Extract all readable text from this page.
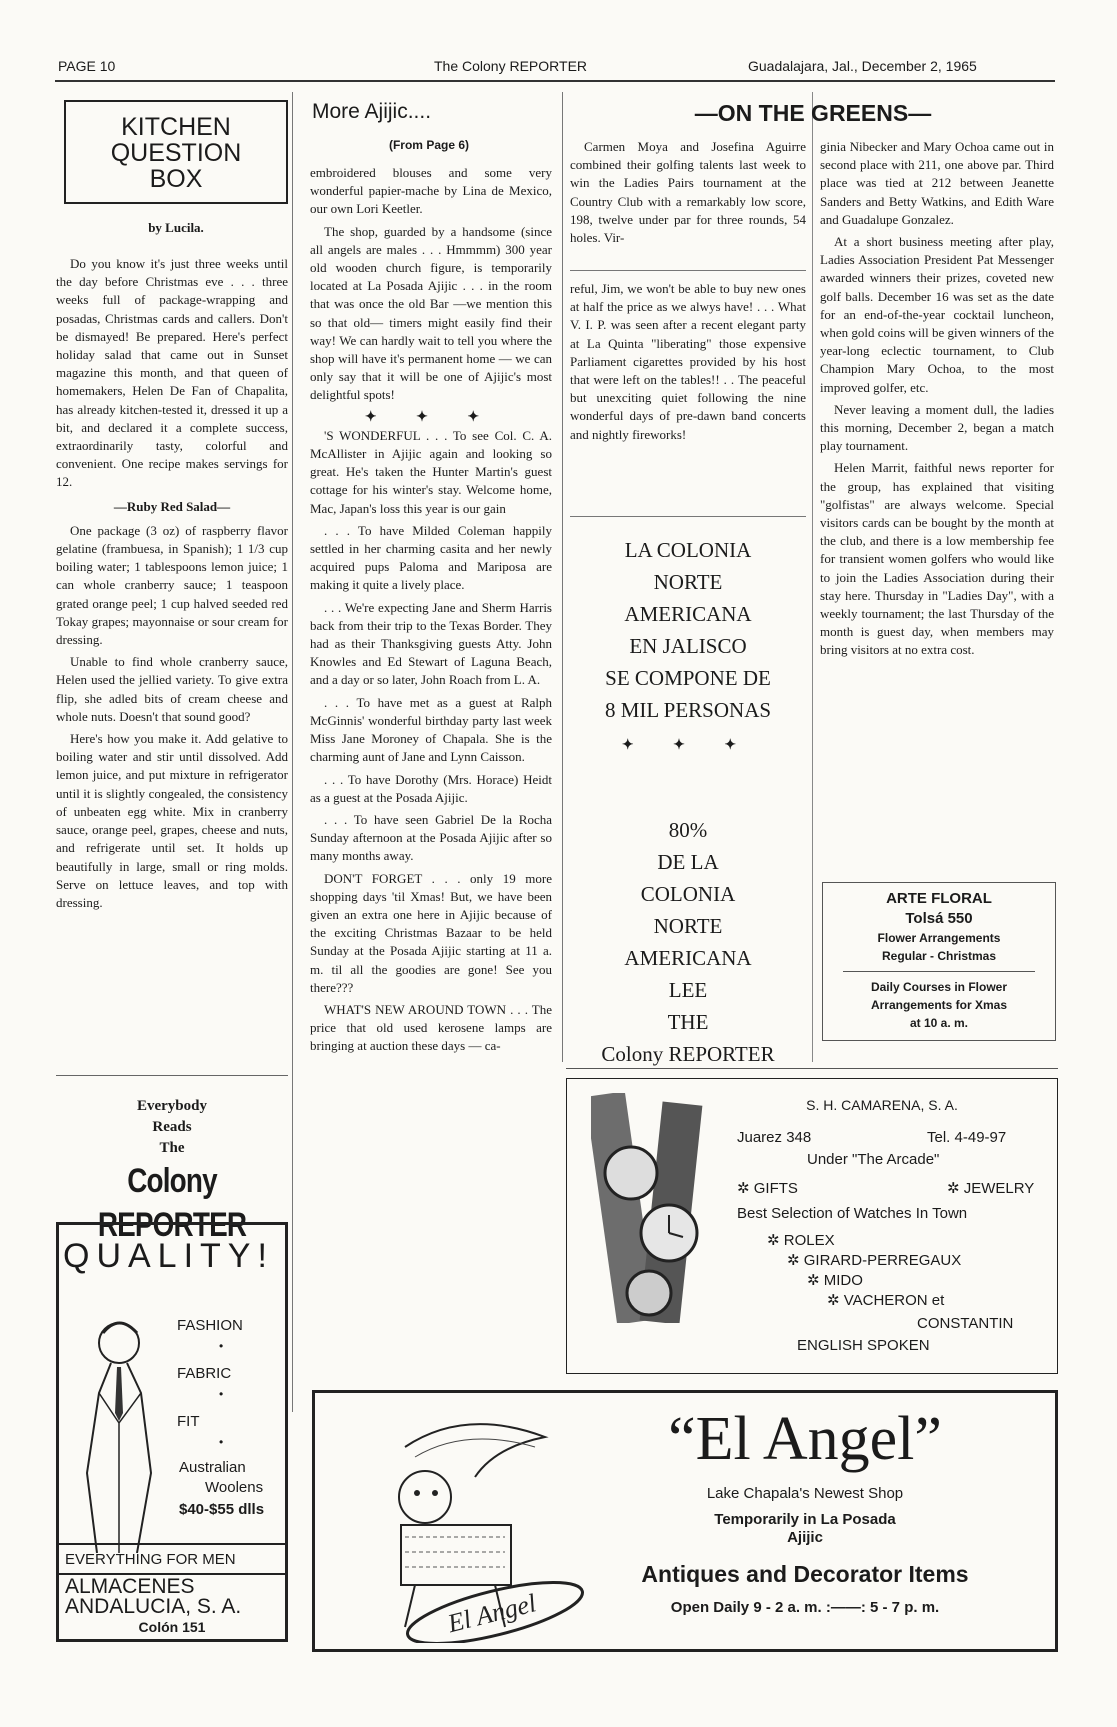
PAGE 10	The Colony REPORTER	Guadalajara, Jal., December 2, 1965
KITCHEN
QUESTION
BOX
by Lucila.

Do you know it's just three weeks until the day before Christmas eve . . . three weeks full of package-wrapping and posadas, Christmas cards and callers. Don't be dismayed! Be prepared. Here's perfect holiday salad that came out in Sunset magazine this month, and that queen of homemakers, Helen De Fan of Chapalita, has already kitchen-tested it, dressed it up a bit, and declared it a complete success, extraordinarily tasty, colorful and convenient. One recipe makes servings for 12.

—Ruby Red Salad—

One package (3 oz) of raspberry flavor gelatine (frambuesa, in Spanish); 1 1/3 cup boiling water; 1 tablespoons lemon juice; 1 can whole cranberry sauce; 1 teaspoon grated orange peel; 1 cup halved seeded red Tokay grapes; mayonnaise or sour cream for dressing.

Unable to find whole cranberry sauce, Helen used the jellied variety. To give extra flip, she adled bits of cream cheese and whole nuts. Doesn't that sound good?

Here's how you make it. Add gelative to boiling water and stir until dissolved. Add lemon juice, and put mixture in refrigerator until it is slightly congealed, the consistency of unbeaten egg white. Mix in cranberry sauce, orange peel, grapes, cheese and nuts, and refrigerate until set. It holds up beautifully in large, small or ring molds. Serve on lettuce leaves, and top with dressing.

Everybody
Reads
The
Colony REPORTER
QUALITY!
FASHION
•
FABRIC
•
FIT
•
Australian
Woolens
$40-$55 dlls
EVERYTHING FOR MEN
ALMACENES
ANDALUCIA, S. A.
Colón 151
More Ajijic....
(From Page 6)

embroidered blouses and some very wonderful papier-mache by Lina de Mexico, our own Lori Keetler.

The shop, guarded by a handsome (since all angels are males . . . Hmmmm) 300 year old wooden church figure, is temporarily located at La Posada Ajijic . . . in the room that was once the old Bar —we mention this so that old— timers might easily find their way! We can hardly wait to tell you where the shop will have it's permanent home — we can only say that it will be one of Ajijic's most delightful spots!

✦ ✦ ✦

'S WONDERFUL . . . To see Col. C. A. McAllister in Ajijic again and looking so great. He's taken the Hunter Martin's guest cottage for his winter's stay. Welcome home, Mac, Japan's loss this year is our gain

. . . To have Milded Coleman happily settled in her charming casita and her newly acquired pups Paloma and Mariposa are making it quite a lively place.

. . . We're expecting Jane and Sherm Harris back from their trip to the Texas Border. They had as their Thanksgiving guests Atty. John Knowles and Ed Stewart of Laguna Beach, and a day or so later, John Roach from L. A.

. . . To have met as a guest at Ralph McGinnis' wonderful birthday party last week Miss Jane Moroney of Chapala. She is the charming aunt of Jane and Lynn Caisson.

. . . To have Dorothy (Mrs. Horace) Heidt as a guest at the Posada Ajijic.

. . . To have seen Gabriel De la Rocha Sunday afternoon at the Posada Ajijic after so many months away.

DON'T FORGET . . . only 19 more shopping days 'til Xmas! But, we have been given an extra one here in Ajijic because of the exciting Christmas Bazaar to be held Sunday at the Posada Ajijic starting at 11 a. m. til all the goodies are gone! See you there???

WHAT'S NEW AROUND TOWN . . . The price that old used kerosene lamps are bringing at auction these days — ca-

—ON THE GREENS—

Carmen Moya and Josefina Aguirre combined their golfing talents last week to win the Ladies Pairs tournament at the Country Club with a remarkably low score, 198, twelve under par for three rounds, 54 holes. Vir-

reful, Jim, we won't be able to buy new ones at half the price as we alwys have! . . . What V. I. P. was seen after a recent elegant party at La Quinta "liberating" those expensive Parliament cigarettes provided by his host that were left on the tables!! . . The peaceful but unexciting quiet following the nine wonderful days of pre-dawn band concerts and nightly fireworks!

ginia Nibecker and Mary Ochoa came out in second place with 211, one above par. Third place was tied at 212 between Jeanette Sanders and Betty Watkins, and Edith Ware and Guadalupe Gonzalez.

At a short business meeting after play, Ladies Association President Pat Messenger awarded winners their prizes, coveted new golf balls. December 16 was set as the date for an end-of-the-year cocktail luncheon, when gold coins will be given winners of the year-long eclectic tournament, to Club Champion Mary Ochoa, to the most improved golfer, etc.

Never leaving a moment dull, the ladies this morning, December 2, began a match play tournament.

Helen Marrit, faithful news reporter for the group, has explained that visiting "golfistas" are always welcome. Special visitors cards can be bought by the month at the club, and there is a low membership fee for transient women golfers who would like to join the Ladies Association during their stay here. Thursday in "Ladies Day", with a weekly tournament; the last Thursday of the month is guest day, when members may bring visitors at no extra cost.

LA COLONIA
NORTE
AMERICANA
EN JALISCO
SE COMPONE DE
8 MIL PERSONAS
✦ ✦ ✦
80%
DE LA
COLONIA
NORTE
AMERICANA
LEE
THE
Colony REPORTER
ARTE FLORAL
Tolsá 550
Flower Arrangements
Regular - Christmas
Daily Courses in Flower
Arrangements for Xmas
at 10 a. m.
S. H. CAMARENA, S. A.
Juarez 348	Tel. 4-49-97
Under "The Arcade"
✲ GIFTS	✲ JEWELRY
Best Selection of Watches In Town
✲ ROLEX
✲ GIRARD-PERREGAUX
✲ MIDO
✲ VACHERON et
CONSTANTIN
ENGLISH SPOKEN
El Angel
“El Angel”
Lake Chapala's Newest Shop
Temporarily in La Posada
Ajijic
Antiques and Decorator Items
Open Daily 9 - 2 a. m. :——: 5 - 7 p. m.
